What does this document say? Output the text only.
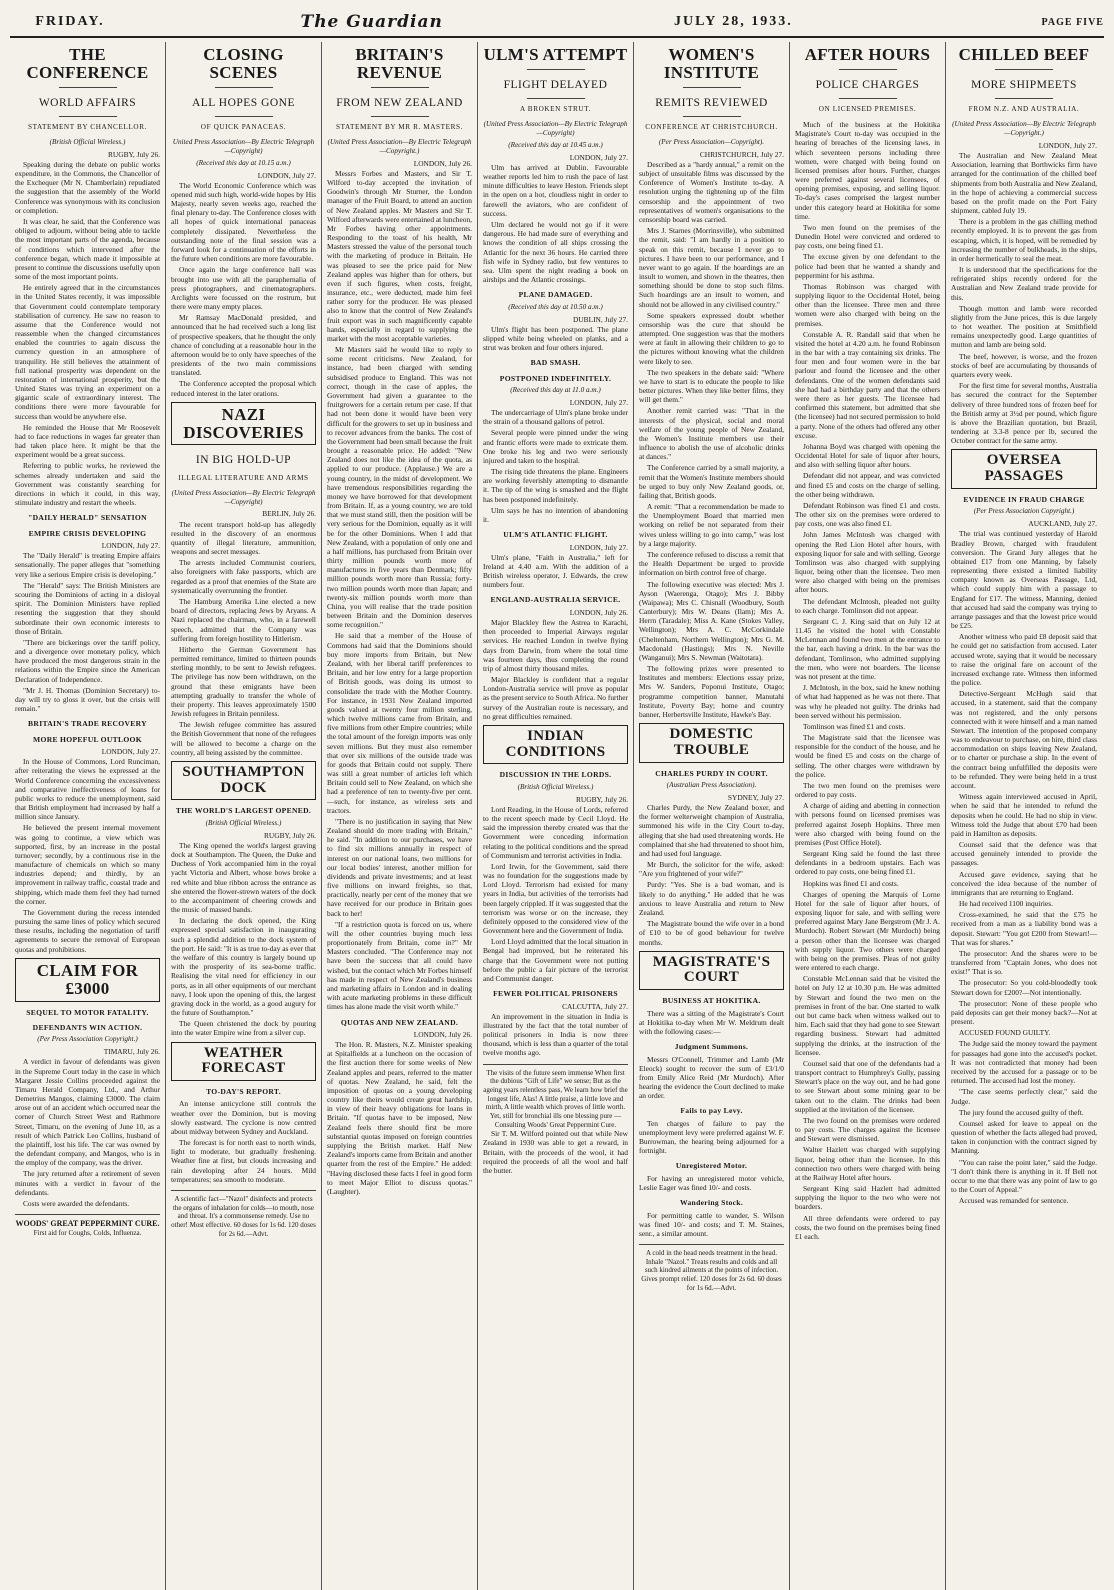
FRIDAY.	The Guardian	JULY 28, 1933.	PAGE FIVE
THE CONFERENCE
WORLD AFFAIRS
STATEMENT BY CHANCELLOR.
(British Official Wireless.)
RUGBY, July 26.

Speaking during the debate on public works expenditure, in the Commons, the Chancellor of the Exchequer (Mr N. Chamberlain) repudiated the suggestion that the assembly of the World Conference was synonymous with its conclusion or completion.

It was clear, he said, that the Conference was obliged to adjourn, without being able to tackle the most important parts of the agenda, because of conditions which intervened after the conference began, which made it impossible at present to continue the discussions usefully upon some of the most important points.

He entirely agreed that in the circumstances in the United States recently, it was impossible that Government could contemplate temporary stabilisation of currency. He saw no reason to assume that the Conference would not reassemble when the changed circumstances enabled the countries to again discuss the currency question in an atmosphere of tranquility. He still believes the attainment of full national prosperity was dependent on the restoration of international prosperity, but the United States was trying an experiment on a gigantic scale of extraordinary interest. The conditions there were more favourable for success than would be anywhere else.

He reminded the House that Mr Roosevelt had to face reductions in wages far greater than had taken place here. It might be that the experiment would be a great success.

Referring to public works, he reviewed the schemes already undertaken and said the Government was constantly searching for directions in which it could, in this way, stimulate industry and restart the wheels.

"DAILY HERALD" SENSATION
EMPIRE CRISIS DEVELOPING
LONDON, July 27.

The "Daily Herald" is treating Empire affairs sensationally. The paper alleges that "something very like a serious Empire crisis is developing."

The "Herald" says: The British Ministers are scouring the Dominions of acting in a disloyal spirit. The Dominion Ministers have replied resenting the suggestion that they should subordinate their own economic interests to those of Britain.

"There are bickerings over the tariff policy, and a divergence over monetary policy, which have produced the most dangerous strain in the relations within the Empire since the American Declaration of Independence.

"Mr J. H. Thomas (Dominion Secretary) to-day will try to gloss it over, but the crisis will remain."

BRITAIN'S TRADE RECOVERY
MORE HOPEFUL OUTLOOK
LONDON, July 27.

In the House of Commons, Lord Runciman, after reiterating the views he expressed at the World Conference concerning the excessiveness and comparative ineffectiveness of loans for public works to reduce the unemployment, said that British employment had increased by half a million since January.

He believed the present internal movement was going to continue, a view which was supported, first, by an increase in the postal turnover; secondly, by a continuous rise in the manufacture of chemicals on which so many industries depend; and thirdly, by an improvement in railway traffic, coastal trade and shipping, which made them feel they had turned the corner.

The Government during the recess intended pursuing the same lines of policy which secured these results, including the negotiation of tariff agreements to secure the removal of European quotas and prohibitions.

CLAIM FOR £3000
SEQUEL TO MOTOR FATALITY.
DEFENDANTS WIN ACTION.
(Per Press Association Copyright.)
TIMARU, July 26.

A verdict in favour of defendants was given in the Supreme Court today in the case in which Margaret Jessie Collins proceeded against the Timaru Herald Company, Ltd., and Arthur Demetrius Mangos, claiming £3000. The claim arose out of an accident which occurred near the corner of Church Street West and Rathmore Street, Timaru, on the evening of June 10, as a result of which Patrick Leo Collins, husband of the plaintiff, lost his life. The car was owned by the defendant company, and Mangos, who is in the employ of the company, was the driver.

The jury returned after a retirement of seven minutes with a verdict in favour of the defendants.

Costs were awarded the defendants.

WOODS' GREAT PEPPERMINT CURE.
First aid for Coughs, Colds, Influenza.
CLOSING SCENES
ALL HOPES GONE
OF QUICK PANACEAS.
United Press Association—By Electric Telegraph—Copyright)
(Received this day at 10.15 a.m.)
LONDON, July 27.

The World Economic Conference which was opened mid such high, world-wide hopes by His Majesty, nearly seven weeks ago, reached the final plenary to-day. The Conference closes with all hopes of quick international panaceas completely dissipated. Nevertheless the outstanding note of the final session was a forward look for a continuation of the efforts in the future when conditions are more favourable.

Once again the large conference hall was brought into use with all the paraphernalia of press photographers, and cinematographers. Arclights were focussed on the rostrum, but there were many empty places.

Mr Ramsay MacDonald presided, and announced that he had received such a long list of prospective speakers, that he thought the only chance of concluding at a reasonable hour in the afternoon would be to only have speeches of the presidents of the two main commissions translated.

The Conference accepted the proposal which reduced interest in the later orations.

NAZI DISCOVERIES
IN BIG HOLD-UP
ILLEGAL LITERATURE AND ARMS
(United Press Association—By Electric Telegraph—Copyright)
BERLIN, July 26.

The recent transport hold-up has allegedly resulted in the discovery of an enormous quantity of illegal literature, ammunition, weapons and secret messages.

The arrests included Communist couriers, also foreigners with fake passports, which are regarded as a proof that enemies of the State are systematically overrunning the frontier.

The Hamburg Amerika Line elected a new board of directors, replacing Jews by Aryans. A Nazi replaced the chairman, who, in a farewell speech, admitted that the Company was suffering from foreign hostility to Hitlerism.

Hitherto the German Government has permitted remittance, limited to thirteen pounds sterling monthly, to be sent to Jewish refugees. The privilege has now been withdrawn, on the ground that these emigrants have been attempting gradually to transfer the whole of their property. This leaves approximately 1500 Jewish refugees in Britain penniless.

The Jewish refugee committee has assured the British Government that none of the refugees will be allowed to become a charge on the country, all being assisted by the committee.

SOUTHAMPTON DOCK
THE WORLD'S LARGEST OPENED.
(British Official Wireless.)
RUGBY, July 26.

The King opened the world's largest graving dock at Southampton. The Queen, the Duke and Duchess of York accompanied him in the royal yacht Victoria and Albert, whose bows broke a red white and blue ribbon across the entrance as she entered the flower-strewn waters of the dock to the accompaniment of cheering crowds and the music of massed bands.

In declaring the dock opened, the King expressed special satisfaction in inaugurating such a splendid addition to the dock system of the port. He said: "It is as true to-day as ever that the welfare of this country is largely bound up with the prosperity of its sea-borne traffic. Realising the vital need for efficiency in our ports, as in all other equipments of our merchant navy, I look upon the opening of this, the largest graving dock in the world, as a good augury for the future of Southampton."

The Queen christened the dock by pouring into the water Empire wine from a silver cup.

WEATHER FORECAST
TO-DAY'S REPORT.

An intense anticyclone still controls the weather over the Dominion, but is moving slowly eastward. The cyclone is now centred about midway between Sydney and Auckland.

The forecast is for north east to north winds, light to moderate, but gradually freshening. Weather fine at first, but clouds increasing and rain developing after 24 hours. Mild temperatures; sea smooth to moderate.

A scientific fact—"Nazol" disinfects and protects the organs of inhalation for colds—to mouth, nose and throat. It's a commonsense remedy. Use no other! Most effective. 60 doses for 1s 6d. 120 doses for 2s 6d.—Advt.
BRITAIN'S REVENUE
FROM NEW ZEALAND
STATEMENT BY MR R. MASTERS.
(United Press Association—By Electric Telegraph—Copyright.)
LONDON, July 26.

Messrs Forbes and Masters, and Sir T. Wilford to-day accepted the invitation of Goodwin's through Mr Sturner, the London manager of the Fruit Board, to attend an auction of New Zealand apples. Mr Masters and Sir T. Wilford afterwards were entertained at luncheon, Mr Forbes having other appointments. Responding to the toast of his health, Mr Masters stressed the value of the personal touch with the marketing of produce in Britain. He was pleased to see the price paid for New Zealand apples was higher than for others, but even if such figures, when costs, freight, insurance, etc., were deducted, made him feel rather sorry for the producer. He was pleased also to know that the control of New Zealand's fruit export was in such magnificently capable hands, especially in regard to supplying the market with the most acceptable varieties.

Mr Masters said he would like to reply to some recent criticisms. New Zealand, for instance, had been charged with sending subsidised produce to England. This was not correct, though in the case of apples, the Government had given a guarantee to the fruitgrowers for a certain return per case. If that had not been done it would have been very difficult for the growers to set up in business and to recover advances from the banks. The cost of the Government had been small because the fruit brought a reasonable price. He added: "New Zealand does not like the idea of the quota, as applied to our produce. (Applause.) We are a young country, in the midst of development. We have tremendous responsibilities regarding the money we have borrowed for that development from Britain. If, as a young country, we are told that we must stand still, then the position will be very serious for the Dominion, equally as it will be for the other Dominions. When I add that New Zealand, with a population of only one and a half millions, has purchased from Britain over thirty million pounds worth more of manufactures in five years than Denmark; fifty million pounds worth more than Russia; forty-two million pounds worth more than Japan; and twenty-six million pounds worth more than China, you will realise that the trade position between Britain and the Dominion deserves some recognition."

He said that a member of the House of Commons had said that the Dominions should buy more imports from Britain, but New Zealand, with her liberal tariff preferences to Britain, and her low entry for a large proportion of British goods, was doing its utmost to consolidate the trade with the Mother Country. For instance, in 1931 New Zealand imported goods valued at twenty four million sterling, which twelve millions came from Britain, and five millions from other Empire countries; while the total amount of the foreign imports was only seven millions. But they must also remember that over six millions of the outside trade was for goods that Britain could not supply. There was still a great number of articles left which Britain could sell to New Zealand, on which she had a preference of ten to twenty-five per cent.—such, for instance, as wireless sets and tractors.

"There is no justification in saying that New Zealand should do more trading with Britain," he said. "In addition to our purchases, we have to find six millions annually in respect of interest on our national loans, two millions for our local bodies' interest, another million for dividends and private investments; and at least five millions on inward freights, so that, practically, nearly per cent of the money that we have received for our produce in Britain goes back to her!

"If a restriction quota is forced on us, where will the other countries buying much less proportionately from Britain, come in?" Mr Masters concluded. "The Conference may not have been the success that all could have wished, but the contact which Mr Forbes himself has made in respect of New Zealand's business and marketing affairs in London and in dealing with acute marketing problems in these difficult times has alone made the visit worth while."

QUOTAS AND NEW ZEALAND.
LONDON, July 26.

The Hon. R. Masters, N.Z. Minister speaking at Spitalfields at a luncheon on the occasion of the first auction there for some weeks of New Zealand apples and pears, referred to the matter of quotas. New Zealand, he said, felt the imposition of quotas on a young developing country like theirs would create great hardship, in view of their heavy obligations for loans in Britain. "If quotas have to be imposed, New Zealand feels there should first be more substantial quotas imposed on foreign countries supplying the British market. Half New Zealand's imports came from Britain and another quarter from the rest of the Empire." He added: "Having disclosed these facts I feel in good form to meet Major Elliot to discuss quotas." (Laughter).

ULM'S ATTEMPT
FLIGHT DELAYED
A BROKEN STRUT.
(United Press Association—By Electric Telegraph—Copyright)
(Received this day at 10.45 a.m.)
LONDON, July 27.

Ulm has arrived at Dublin. Favourable weather reports led him to rush the pace of last minute difficulties to leave Heston. Friends slept in the open on a hot, cloudless night in order to farewell the aviators, who are confident of success.

Ulm declared he would not go if it were dangerous. He had made sure of everything and knows the condition of all ships crossing the Atlantic for the next 36 hours. He carried three fish wife in Sydney radio, but few ventures to sea. Ulm spent the night reading a book on airships and the Atlantic crossings.

PLANE DAMAGED.
(Received this day at 10.50 a.m.)
DUBLIN, July 27.

Ulm's flight has been postponed. The plane slipped while being wheeled on planks, and a strut was broken and four others injured.

BAD SMASH.
POSTPONED INDEFINITELY.
(Received this day at 11.0 a.m.)
LONDON, July 27.

The undercarriage of Ulm's plane broke under the strain of a thousand gallons of petrol.

Several people were pinned under the wing and frantic efforts were made to extricate them. One broke his leg and two were seriously injured and taken to the hospital.

The rising tide threatens the plane. Engineers are working feverishly attempting to dismantle it. The tip of the wing is smashed and the flight has been postponed indefinitely.

Ulm says he has no intention of abandoning it.

ULM'S ATLANTIC FLIGHT.
LONDON, July 27.

Ulm's plane, "Faith in Australia," left for Ireland at 4.40 a.m. With the addition of a British wireless operator, J. Edwards, the crew numbers four.

ENGLAND-AUSTRALIA SERVICE.
LONDON, July 26.

Major Blackley flew the Astrea to Karachi, then proceeded to Imperial Airways regular services. He reached London in twelve flying days from Darwin, from where the total time was fourteen days, thus completing the round trip of almost thirty thousand miles.

Major Blackley is confident that a regular London-Australia service will prove as popular as the present service to South Africa. No further survey of the Australian route is necessary, and no great difficulties remained.

INDIAN CONDITIONS
DISCUSSION IN THE LORDS.
(British Official Wireless.)
RUGBY, July 26.

Lord Reading, in the House of Lords, referred to the recent speech made by Cecil Lloyd. He said the impression thereby created was that the Government were conceding information relating to the political conditions and the spread of Communism and terrorist activities in India.

Lord Irwin, for the Government, said there was no foundation for the suggestions made by Lord Lloyd. Terrorism had existed for many years in India, but activities of the terrorists had been largely crippled. If it was suggested that the terrorism was worse or on the increase, they definitely opposed to the considered view of the Government here and the Government of India.

Lord Lloyd admitted that the local situation in Bengal had improved, but he reiterated his charge that the Government were not putting before the public a fair picture of the terrorist and Communist danger.

FEWER POLITICAL PRISONERS
CALCUTTA, July 27.

An improvement in the situation in India is illustrated by the fact that the total number of political prisoners in India is now three thousand, which is less than a quarter of the total twelve months ago.

The visits of the future seem immense When first the dubious "Gift of Life" we sense; But as the ageing years relentless pass, We learn how brief the longest life, Alas! A little praise, a little love and mirth, A little wealth which proves of little worth. Yet, still for bronchial ills one blessing pure — Consulting Woods' Great Peppermint Cure.

Sir T. M. Wilford pointed out that while New Zealand in 1930 was able to get a reward, in Britain, with the proceeds of the wool, it had required the proceeds of all the wool and half the butter.

WOMEN'S INSTITUTE
REMITS REVIEWED
CONFERENCE AT CHRISTCHURCH.
(Per Press Association—Copyright).
CHRISTCHURCH, July 27.

Described as a "hardy annual," a remit on the subject of unsuitable films was discussed by the Conference of Women's Institute to-day. A resolution urging the tightening up of the film censorship and the appointment of two representatives of women's organisations to the censorship board was carried.

Mrs J. Starnes (Morrinsville), who submitted the remit, said: "I am hardly in a position to speak on this remit, because I never go to pictures. I have been to our performance, and I never want to go again. If the hoardings are an insult to women, and shown in the theatres, then something should be done to stop such films. Such hoardings are an insult to women, and should not be allowed in any civilised country."

Some speakers expressed doubt whether censorship was the cure that should be attempted. One suggestion was that the mothers were at fault in allowing their children to go to the pictures without knowing what the children were likely to see.

The two speakers in the debate said: "Where we have to start is to educate the people to like better pictures. When they like better films, they will get them."

Another remit carried was: "That in the interests of the physical, social and moral welfare of the young people of New Zealand, the Women's Institute members use their influence to abolish the use of alcoholic drinks at dances."

The Conference carried by a small majority, a remit that the Women's Institute members should be urged to buy only New Zealand goods, or, failing that, British goods.

A remit: "That a recommendation be made to the Unemployment Board that married men working on relief be not separated from their wives unless willing to go into camp," was lost by a large majority.

The conference refused to discuss a remit that the Health Department be urged to provide information on birth control free of charge.

The following executive was elected: Mrs J. Ayson (Waerenga, Otago); Mrs J. Bibby (Waipawa); Mrs C. Chisnall (Woodbury, South Canterbury); Mrs W. Deans (Ilam); Mrs A. Herrn (Taradale); Miss A. Kane (Stokes Valley, Wellington); Mrs A. C. McCorkindale (Cheltenham, Northern Wellington); Mrs G. M. Macdonald (Hastings); Mrs N. Neville (Wanganui); Mrs S. Newman (Waitotara).

The following prizes were presented to Institutes and members: Elections essay prize, Mrs W. Sanders, Poponui Institute, Otago; programme competition banner, Manutahi Institute, Poverty Bay; home and country banner, Herbertsville Institute, Hawke's Bay.

DOMESTIC TROUBLE
CHARLES PURDY IN COURT.
(Australian Press Association).
SYDNEY, July 27.

Charles Purdy, the New Zealand boxer, and the former welterweight champion of Australia, summoned his wife in the City Court to-day, alleging that she had used threatening words. He complained that she had threatened to shoot him, and had used foul language.

Mr Burch, the solicitor for the wife, asked: "Are you frightened of your wife?"

Purdy: "Yes. She is a bad woman, and is likely to do anything." He added that he was anxious to leave Australia and return to New Zealand.

The Magistrate bound the wife over in a bond of £10 to be of good behaviour for twelve months.

MAGISTRATE'S COURT
BUSINESS AT HOKITIKA.

There was a sitting of the Magistrate's Court at Hokitika to-day when Mr W. Meldrum dealt with the following cases:—

Judgment Summons.

Messrs O'Connell, Trimmer and Lamb (Mr Eleock) sought to recover the sum of £3/1/0 from Emily Alice Reid (Mr Murdoch). After hearing the evidence the Court declined to make an order.

Fails to pay Levy.

Ten charges of failure to pay the unemployment levy were preferred against W. F. Burrowman, the hearing being adjourned for a fortnight.

Unregistered Motor.

For having an unregistered motor vehicle, Leslie Eager was fined 10/- and costs.

Wandering Stock.

For permitting cattle to wander, S. Wilson was fined 10/- and costs; and T. M. Staines, senr., a similar amount.

A cold in the head needs treatment in the head. Inhale "Nazol." Treats results and colds and all such kindred ailments at the points of infection. Gives prompt relief. 120 doses for 2s 6d. 60 doses for 1s 6d.—Advt.
AFTER HOURS
POLICE CHARGES
ON LICENSED PREMISES.

Much of the business at the Hokitika Magistrate's Court to-day was occupied in the hearing of breaches of the licensing laws, in which seventeen persons including three women, were charged with being found on licensed premises after hours. Further, charges were preferred against several licensees, of opening premises, exposing, and selling liquor. To-day's cases comprised the largest number under this category heard at Hokitika for some time.

Two men found on the premises of the Dunedin Hotel were convicted and ordered to pay costs, one being fined £1.

The excuse given by one defendant to the police had been that he wanted a shandy and peppermint for his asthma.

Thomas Robinson was charged with supplying liquor to the Occidental Hotel, being other than the licensee. Three men and three women were also charged with being on the premises.

Constable A. R. Randall said that when he visited the hotel at 4.20 a.m. he found Robinson in the bar with a tray containing six drinks. The four men and four women were in the bar parlour and found the licensee and the other defendants. One of the women defendants said she had had a birthday party and that the others were there as her guests. The licensee had confirmed this statement, but admitted that she (the licensee) had not secured permission to hold a party. None of the others had offered any other excuse.

Johanna Boyd was charged with opening the Occidental Hotel for sale of liquor after hours, and also with selling liquor after hours.

Defendant did not appear, and was convicted and fined £5 and costs on the charge of selling, the other being withdrawn.

Defendant Robinson was fined £1 and costs. The other six on the premises were ordered to pay costs, one was also fined £1.

John James McIntosh was charged with opening the Red Lion Hotel after hours, with exposing liquor for sale and with selling. George Tomlinson was also charged with supplying liquor, being other than the licensee. Two men were also charged with being on the premises after hours.

The defendant McIntosh, pleaded not guilty to each charge. Tomlinson did not appear.

Sergeant C. J. King said that on July 12 at 11.45 he visited the hotel with Constable McLennan and found two men at the entrance to the bar, each having a drink. In the bar was the defendant, Tomlinson, who admitted supplying the men, who were not boarders. The license was not present at the time.

J. McIntosh, in the box, said he knew nothing of what had happened as he was not there. That was why he pleaded not guilty. The drinks had been served without his permission.

Tomlinson was fined £1 and costs.

The Magistrate said that the licensee was responsible for the conduct of the house, and he would be fined £5 and costs on the charge of selling. The other charges were withdrawn by the police.

The two men found on the premises were ordered to pay costs.

A charge of aiding and abetting in connection with persons found on licensed premises was preferred against Joseph Hopkins. Three men were also charged with being found on the premises (Post Office Hotel).

Sergeant King said he found the last three defendants in a bedroom upstairs. Each was ordered to pay costs, one being fined £1.

Hopkins was fined £1 and costs.

Charges of opening the Marquis of Lorne Hotel for the sale of liquor after hours, of exposing liquor for sale, and with selling were preferred against Mary Jane Bergstrom (Mr J. A. Murdoch). Robert Stewart (Mr Murdoch) being a person other than the licensee was charged with supply liquor. Two others were charged with being on the premises. Pleas of not guilty were entered to each charge.

Constable McLennan said that he visited the hotel on July 12 at 10.30 p.m. He was admitted by Stewart and found the two men on the premises in front of the bar. One started to walk out but came back when witness walked out to him. Each said that they had gone to see Stewart regarding business. Stewart had admitted supplying the drinks, at the instruction of the licensee.

Counsel said that one of the defendants had a transport contract to Humphrey's Gully, passing Stewart's place on the way out, and he had gone to see Stewart about some mining gear to be taken out to the claim. The drinks had been supplied at the invitation of the licensee.

The two found on the premises were ordered to pay costs. The charges against the licensee and Stewart were dismissed.

Walter Hazlett was charged with supplying liquor, being other than the licensee. In this connection two others were charged with being at the Railway Hotel after hours.

Sergeant King said Hazlett had admitted supplying the liquor to the two who were not boarders.

All three defendants were ordered to pay costs, the two found on the premises being fined £1 each.

CHILLED BEEF
MORE SHIPMEETS
FROM N.Z. AND AUSTRALIA.
(United Press Association—By Electric Telegraph—Copyright.)
LONDON, July 27.

The Australian and New Zealand Meat Association, learning that Borthwicks firm have arranged for the continuation of the chilled beef shipments from both Australia and New Zealand, in the hope of achieving a commercial success based on the profit made on the Port Fairy shipment, cabled July 19.

There is a problem in the gas chilling method recently employed. It is to prevent the gas from escaping, which, it is hoped, will be remedied by increasing the number of bulkheads, in the ships, in order hermetically to seal the meat.

It is understood that the specifications for the refrigerated ships recently ordered for the Australian and New Zealand trade provide for this.

Though mutton and lamb were recorded slightly from the June prices, this is due largely to hot weather. The position at Smithfield remains unexpectedly good. Large quantities of mutton and lamb are being sold.

The beef, however, is worse, and the frozen stocks of beef are accumulating by thousands of quarters every week.

For the first time for several months, Australia has secured the contract for the September delivery of three hundred tons of frozen beef for the British army at 3½d per pound, which figure is above the Brazilian quotation, but Brazil, tendering at 3.3-8 pence per lb, secured the October contract for the same army.

OVERSEA PASSAGES
EVIDENCE IN FRAUD CHARGE
(Per Press Association Copyright.)
AUCKLAND, July 27.

The trial was continued yesterday of Harold Bradley Brown, charged with fraudulent conversion. The Grand Jury alleges that he obtained £17 from one Manning, by falsely representing there existed a limited liability company known as Overseas Passage, Ltd, which could supply him with a passage to England for £17. The witness, Manning, denied that accused had said the company was trying to arrange passages and that the lowest price would be £25.

Another witness who paid £8 deposit said that he could get no satisfaction from accused. Later accused wrote, saying that it would be necessary to raise the original fare on account of the increased exchange rate. Witness then informed the police.

Detective-Sergeant McHugh said that accused, in a statement, said that the company was not registered, and the only persons connected with it were himself and a man named Stewart. The intention of the proposed company was to endeavour to purchase, on hire, third class accommodation on ships leaving New Zealand, or to charter or purchase a ship. In the event of the contract being unfulfilled the deposits were to be refunded. They were being held in a trust account.

Witness again interviewed accused in April, when he said that he intended to refund the deposits when he could. He had no ship in view. Witness told the Judge that about £70 had been paid in Hamilton as deposits.

Counsel said that the defence was that accused genuinely intended to provide the passages.

Accused gave evidence, saying that he conceived the idea because of the number of immigrants that are returning to England.

He had received 1100 inquiries.

Cross-examined, he said that the £75 he received from a man as a liability bond was a deposit. Stewart: "You got £200 from Stewart!—That was for shares."

The prosecutor: And the shares were to be transferred from "Captain Jones, who does not exist!" That is so.

The prosecutor: So you cold-bloodedly took Stewart down for £200?—Not intentionally.

The prosecutor: None of these people who paid deposits can get their money back?—Not at present.

ACCUSED FOUND GUILTY.

The Judge said the money toward the payment for passages had gone into the accused's pocket. It was not contradicted that money had been received by the accused for a passage or to be returned. The accused had lost the money.

"The case seems perfectly clear," said the Judge.

The jury found the accused guilty of theft.

Counsel asked for leave to appeal on the question of whether the facts alleged had proved, taken in conjunction with the contract signed by Manning.

"You can raise the point later," said the Judge. "I don't think there is anything in it. If Bell not occur to me that there was any point of law to go to the Court of Appeal."

Accused was remanded for sentence.
